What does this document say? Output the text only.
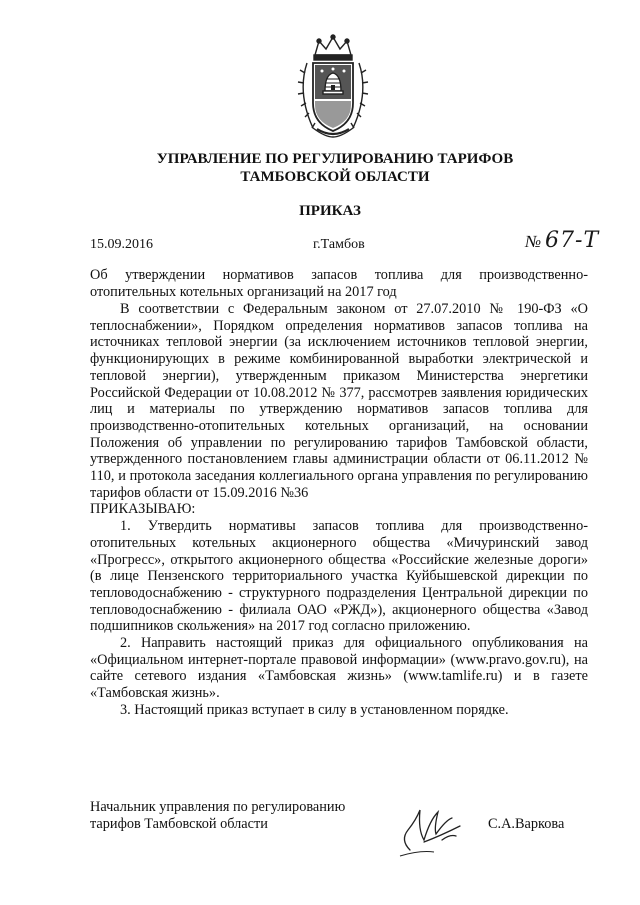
УПРАВЛЕНИЕ ПО РЕГУЛИРОВАНИЮ ТАРИФОВ
ТАМБОВСКОЙ ОБЛАСТИ
ПРИКАЗ
15.09.2016	г.Тамбов	№ 67-Т
Об утверждении нормативов запасов топлива для производственно-отопительных котельных организаций на 2017 год

В соответствии с Федеральным законом от 27.07.2010 № 190-ФЗ «О теплоснабжении», Порядком определения нормативов запасов топлива на источниках тепловой энергии (за исключением источников тепловой энергии, функционирующих в режиме комбинированной выработки электрической и тепловой энергии), утвержденным приказом Министерства энергетики Российской Федерации от 10.08.2012 № 377, рассмотрев заявления юридических лиц и материалы по утверждению нормативов запасов топлива для производственно-отопительных котельных организаций, на основании Положения об управлении по регулированию тарифов Тамбовской области, утвержденного постановлением главы администрации области от 06.11.2012 № 110, и протокола заседания коллегиального органа управления по регулированию тарифов области от 15.09.2016 №36

ПРИКАЗЫВАЮ:

1. Утвердить нормативы запасов топлива для производственно-отопительных котельных акционерного общества «Мичуринский завод «Прогресс», открытого акционерного общества «Российские железные дороги» (в лице Пензенского территориального участка Куйбышевской дирекции по тепловодоснабжению - структурного подразделения Центральной дирекции по тепловодоснабжению - филиала ОАО «РЖД»), акционерного общества «Завод подшипников скольжения» на 2017 год согласно приложению.

2. Направить настоящий приказ для официального опубликования на «Официальном интернет-портале правовой информации» (www.pravo.gov.ru), на сайте сетевого издания «Тамбовская жизнь» (www.tamlife.ru) и в газете «Тамбовская жизнь».

3. Настоящий приказ вступает в силу в установленном порядке.

Начальник управления по регулированию
тарифов Тамбовской области	С.А.Варкова
